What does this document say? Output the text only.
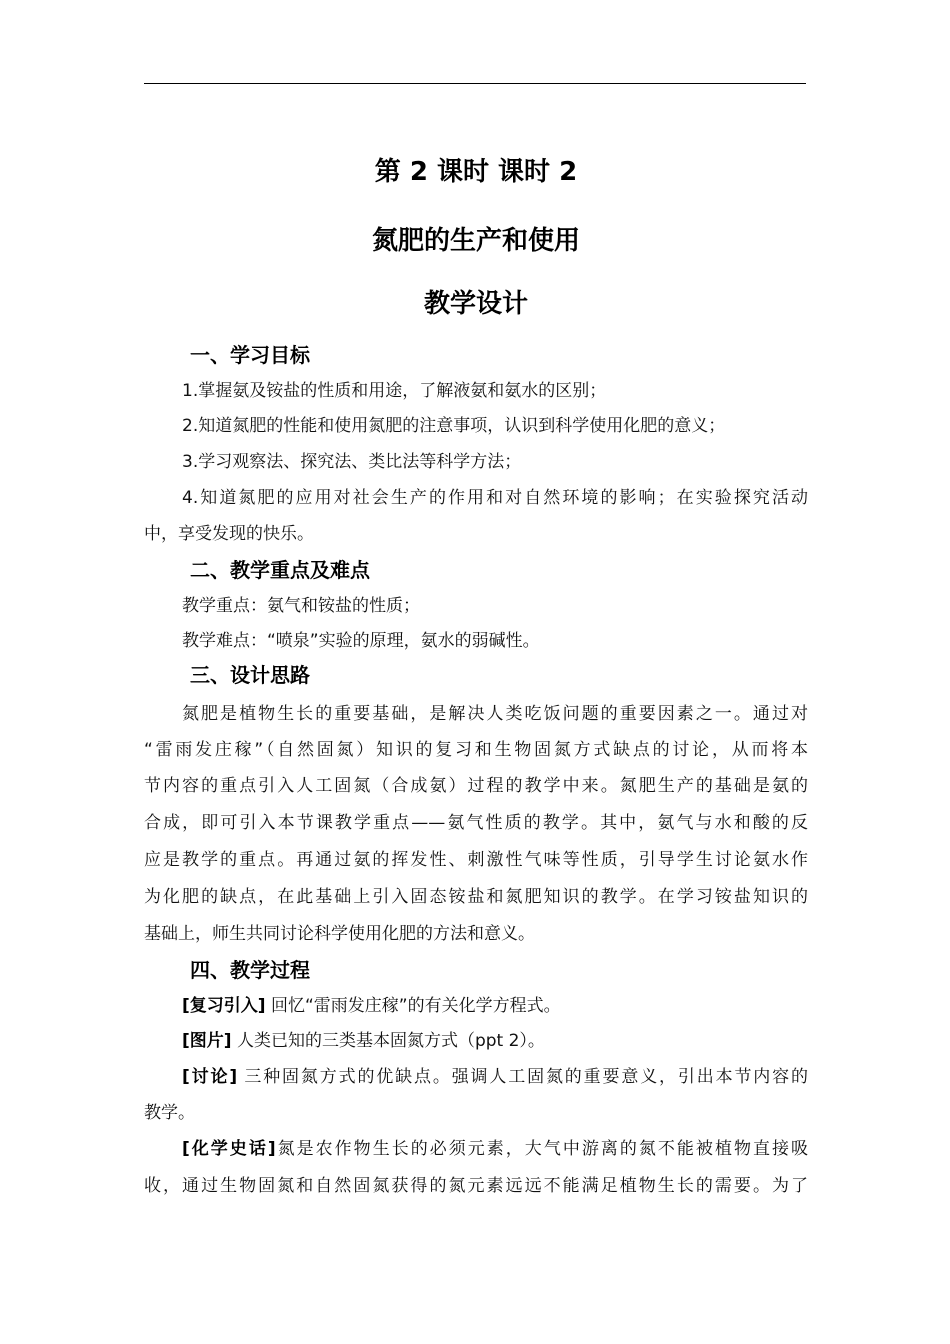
第 2 课时 课时 2
氮肥的生产和使用
教学设计
一、学习目标
1.掌握氨及铵盐的性质和用途，了解液氨和氨水的区别；
2.知道氮肥的性能和使用氮肥的注意事项，认识到科学使用化肥的意义；
3.学习观察法、探究法、类比法等科学方法；
4.知道氮肥的应用对社会生产的作用和对自然环境的影响；在实验探究活动
中，享受发现的快乐。
二、教学重点及难点
教学重点：氨气和铵盐的性质；
教学难点：“喷泉”实验的原理，氨水的弱碱性。
三、设计思路
氮肥是植物生长的重要基础，是解决人类吃饭问题的重要因素之一。通过对
“雷雨发庄稼”（自然固氮）知识的复习和生物固氮方式缺点的讨论，从而将本
节内容的重点引入人工固氮（合成氨）过程的教学中来。氮肥生产的基础是氨的
合成，即可引入本节课教学重点——氨气性质的教学。其中，氨气与水和酸的反
应是教学的重点。再通过氨的挥发性、刺激性气味等性质，引导学生讨论氨水作
为化肥的缺点，在此基础上引入固态铵盐和氮肥知识的教学。在学习铵盐知识的
基础上，师生共同讨论科学使用化肥的方法和意义。
四、教学过程
[复习引入] 回忆“雷雨发庄稼”的有关化学方程式。
[图片] 人类已知的三类基本固氮方式（ppt 2）。
[讨论] 三种固氮方式的优缺点。强调人工固氮的重要意义，引出本节内容的
教学。
[化学史话]氮是农作物生长的必须元素，大气中游离的氮不能被植物直接吸
收，通过生物固氮和自然固氮获得的氮元素远远不能满足植物生长的需要。为了
